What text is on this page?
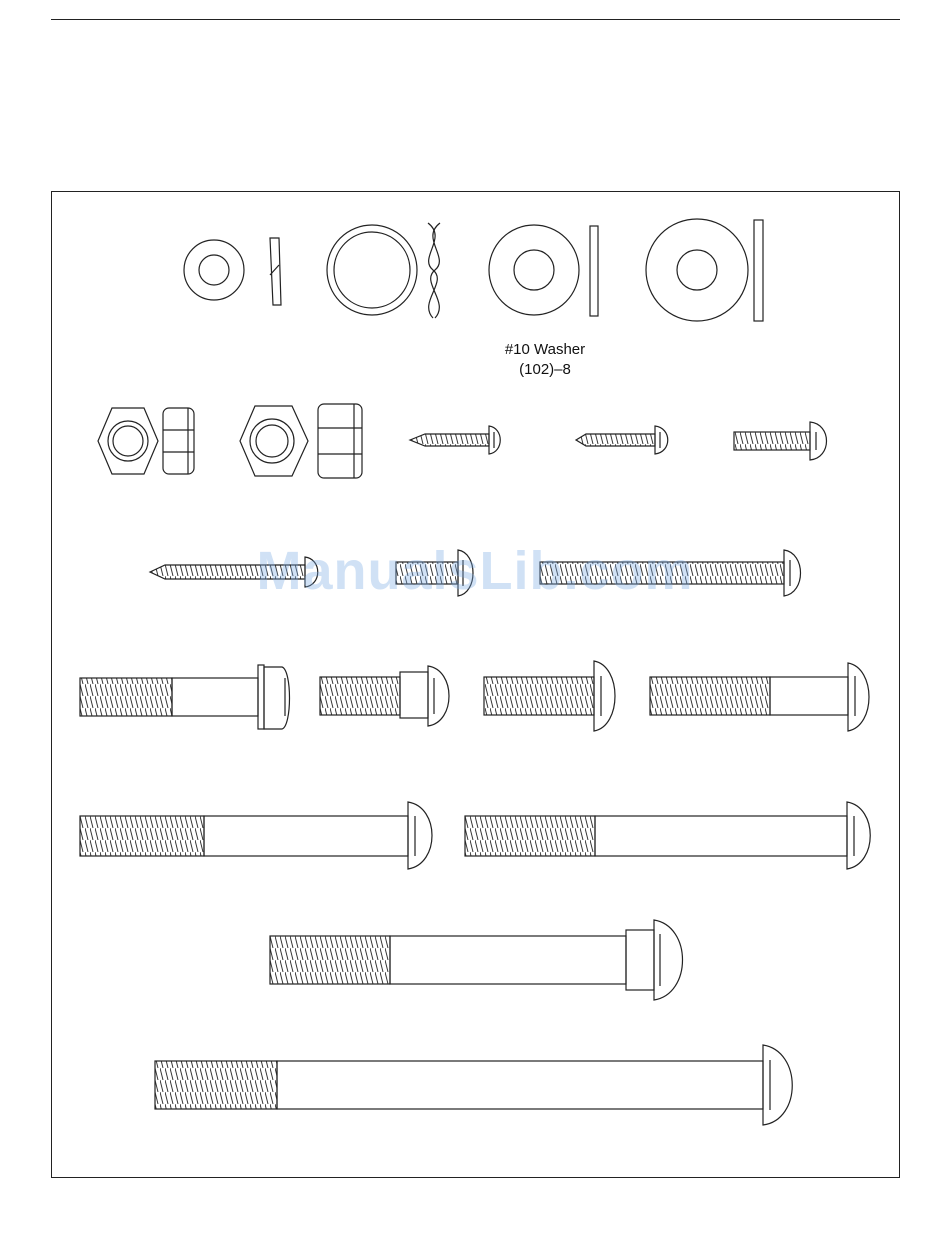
#10 Washer
(102)–8
ManualsLib.com
